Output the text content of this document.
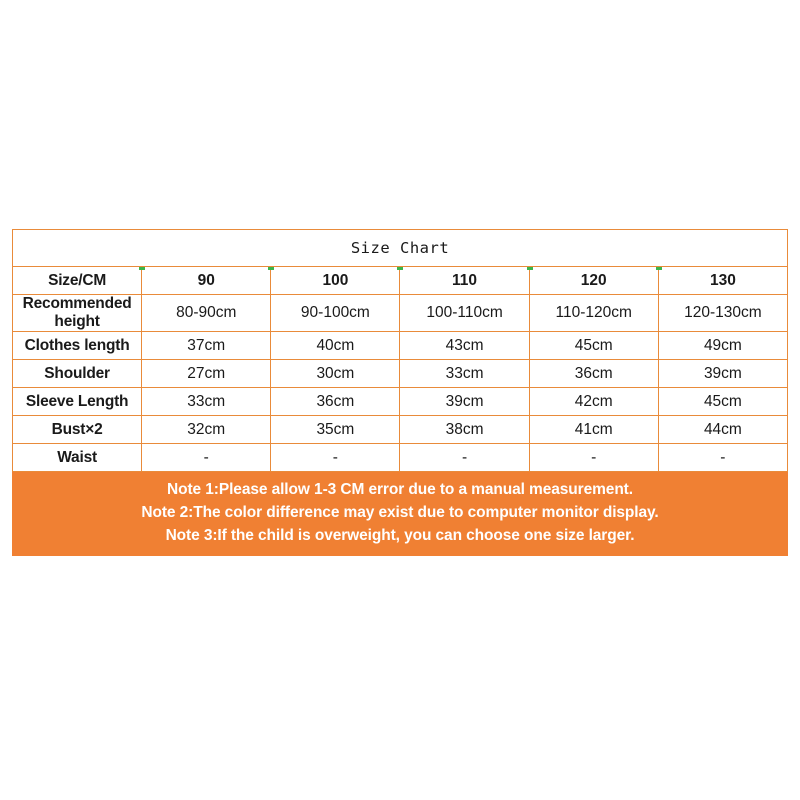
Size Chart					
Size/CM	90	100	110	120	130
Recommended height	80-90cm	90-100cm	100-110cm	110-120cm	120-130cm
Clothes length	37cm	40cm	43cm	45cm	49cm
Shoulder	27cm	30cm	33cm	36cm	39cm
Sleeve Length	33cm	36cm	39cm	42cm	45cm
Bust×2	32cm	35cm	38cm	41cm	44cm
Waist	-	-	-	-	-
Note 1:Please allow 1-3 CM error due to a manual measurement.
Note 2:The color difference may exist due to computer monitor display.
Note 3:If the child is overweight, you can choose one size larger.
